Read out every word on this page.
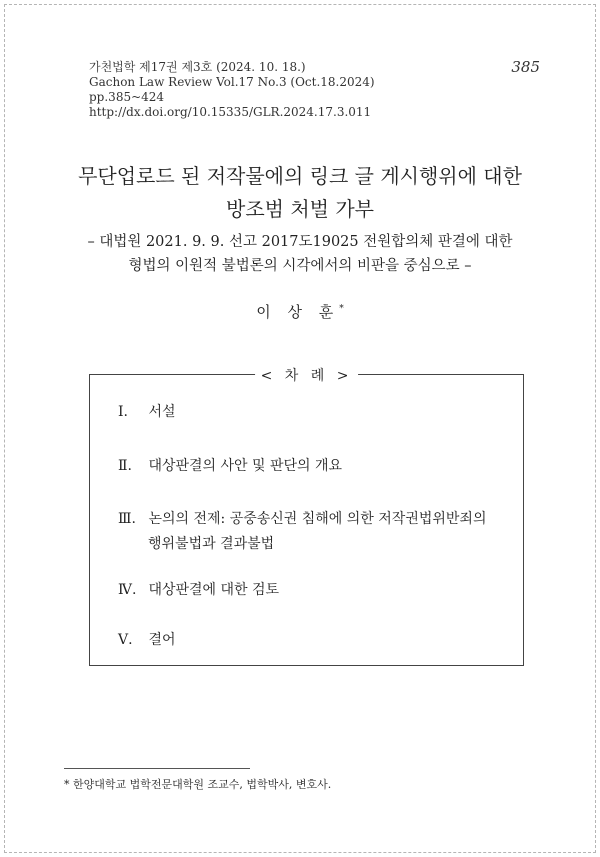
가천법학 제17권 제3호 (2024. 10. 18.)
Gachon Law Review Vol.17 No.3 (Oct.18.2024)
pp.385~424
http://dx.doi.org/10.15335/GLR.2024.17.3.011
385
무단업로드 된 저작물에의 링크 글 게시행위에 대한
방조범 처벌 가부
– 대법원 2021. 9. 9. 선고 2017도19025 전원합의체 판결에 대한
형법의 이원적 불법론의 시각에서의 비판을 중심으로 –
이 상 훈*
< 차 례 >
Ⅰ. 서설
Ⅱ. 대상판결의 사안 및 판단의 개요
Ⅲ. 논의의 전제: 공중송신권 침해에 의한 저작권법위반죄의
행위불법과 결과불법
Ⅳ. 대상판결에 대한 검토
Ⅴ. 결어
* 한양대학교 법학전문대학원 조교수, 법학박사, 변호사.
